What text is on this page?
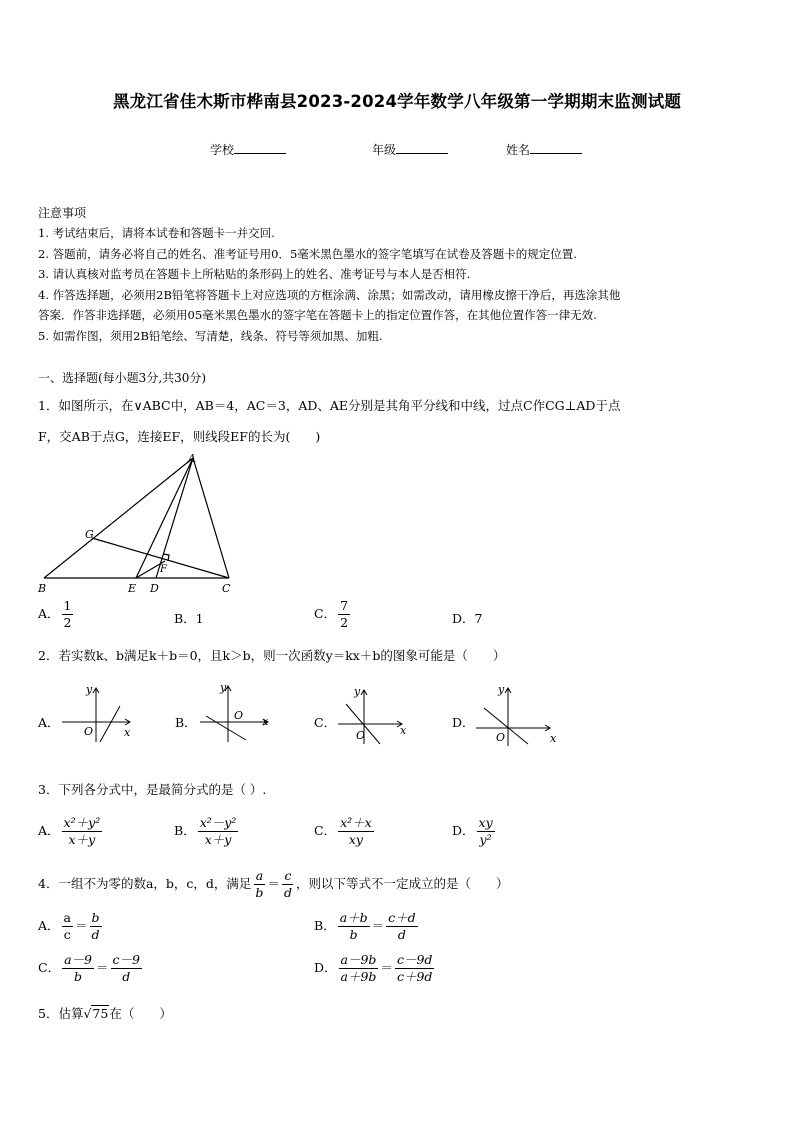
黑龙江省佳木斯市桦南县2023-2024学年数学八年级第一学期期末监测试题
学校	年级	姓名
注意事项
1. 考试结束后，请将本试卷和答题卡一并交回.
2. 答题前，请务必将自己的姓名、准考证号用0．5毫米黑色墨水的签字笔填写在试卷及答题卡的规定位置.
3. 请认真核对监考员在答题卡上所粘贴的条形码上的姓名、准考证号与本人是否相符.
4. 作答选择题，必须用2B铅笔将答题卡上对应选项的方框涂满、涂黑；如需改动，请用橡皮擦干净后，再选涂其他
答案．作答非选择题，必须用05毫米黑色墨水的签字笔在答题卡上的指定位置作答，在其他位置作答一律无效.
5. 如需作图，须用2B铅笔绘、写清楚，线条、符号等须加黑、加粗.
一、选择题(每小题3分,共30分)
1．如图所示，在∨ABC中，AB＝4，AC＝3，AD、AE分别是其角平分线和中线，过点C作CG⊥AD于点
F，交AB于点G，连接EF，则线段EF的长为(　　)
A
B	C
D
E
F
G
A． $\frac{1}{2}$	B．1	C． $\frac{7}{2}$	D．7
2．若实数k、b满足k＋b＝0，且k＞b，则一次函数y＝kx＋b的图象可能是（　　）
A．
y
x
O
B．
y
x
O	C．
y
x
O
D．
y
x
O
3．下列各分式中，是最简分式的是（ ）.
A． $\frac{\text{x²＋y²}}{x+y}$	B． $\frac{\text{x²－y²}}{x+y}$	C． $\frac{\text{x²＋x}}{xy}$	D． $\frac{xy}{\text{y²}}$
4．一组不为零的数a，b，c，d，满足 $\frac{a}{b} = \frac{c}{d}$ ，则以下等式不一定成立的是（　　）
A． $\frac{a}{c} = \frac{b}{d}$	B． $\frac{a+b}{b} = \frac{c+d}{d}$
C． $\frac{a-9}{b} = \frac{c-9}{d}$	D． $\frac{a-9b}{a+9b} = \frac{c-9d}{c+9d}$
5．估算√75在（　　）
